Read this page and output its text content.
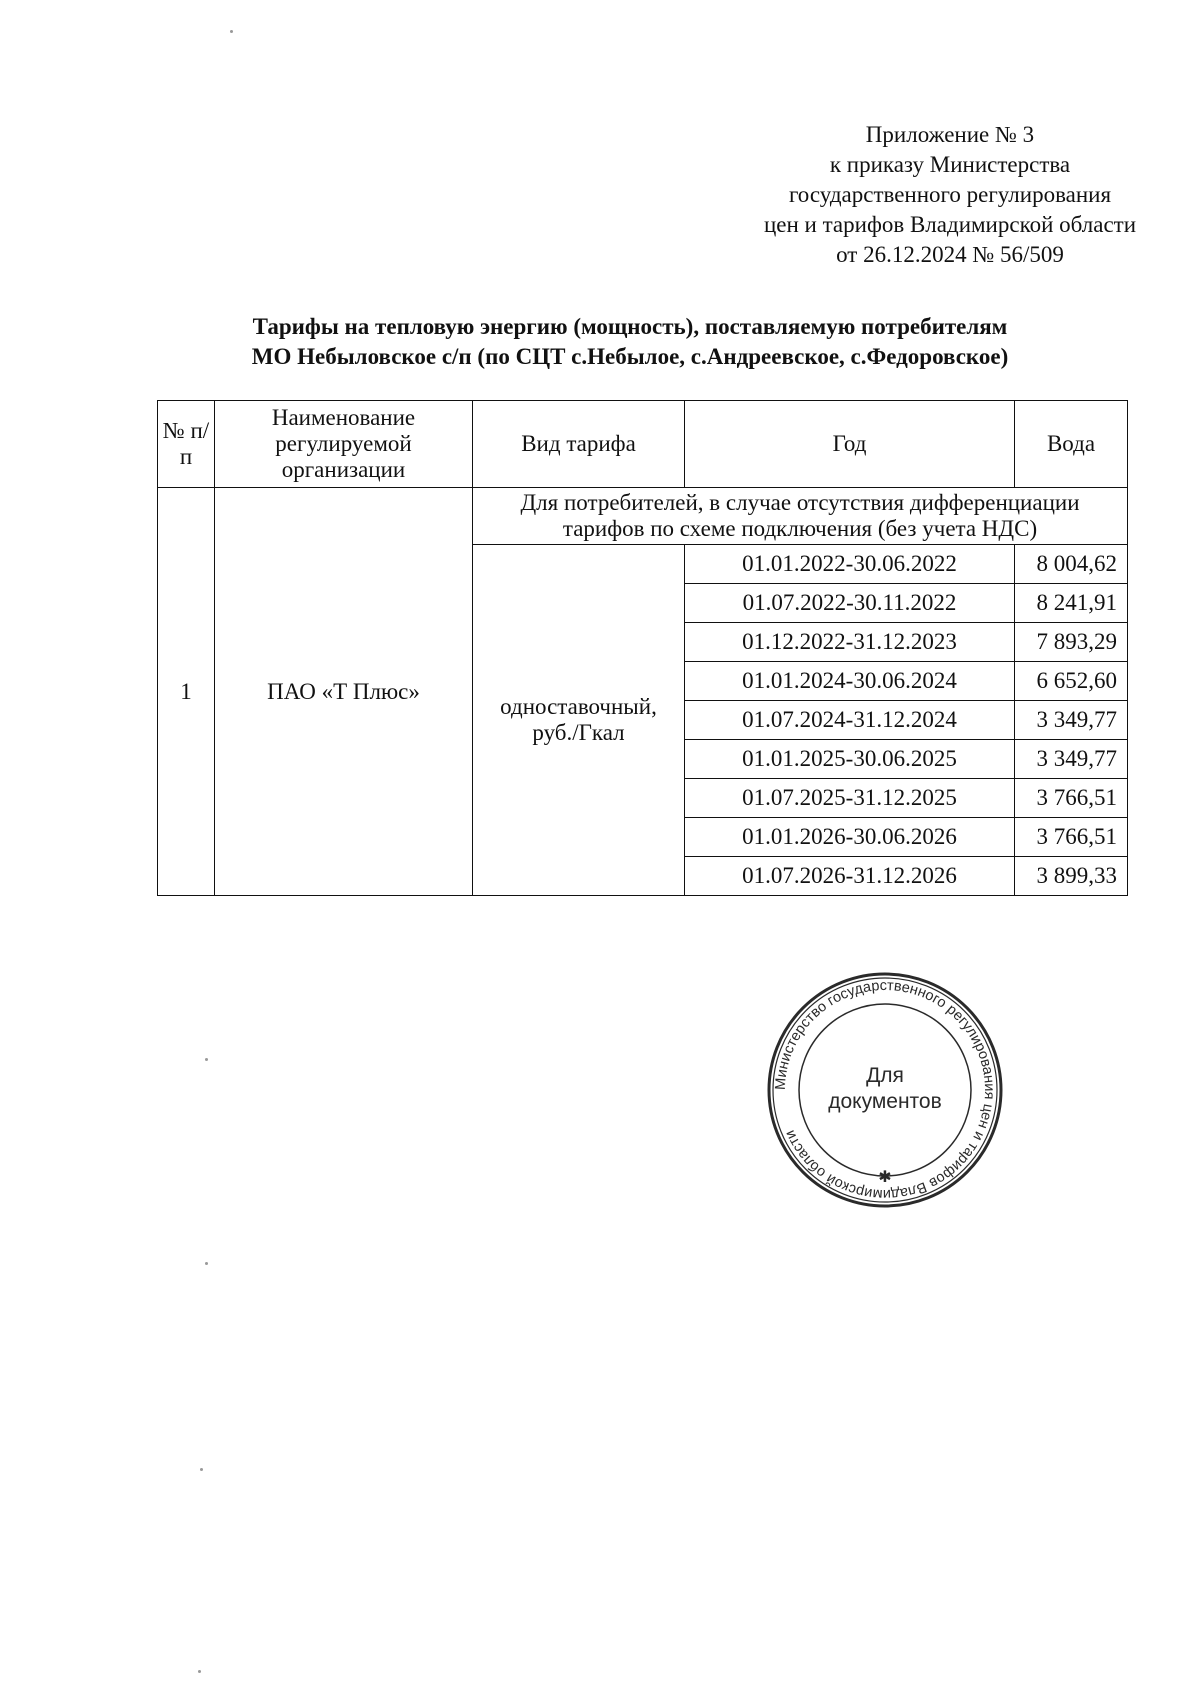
Приложение № 3
к приказу Министерства
государственного регулирования
цен и тарифов Владимирской области
от 26.12.2024 № 56/509
Тарифы на тепловую энергию (мощность), поставляемую потребителям
МО Небыловское с/п (по СЦТ с.Небылое, с.Андреевское, с.Федоровское)
№ п/п	Наименование регулируемой организации	Вид тарифа	Год	Вода
1	ПАО «Т Плюс»	Для потребителей, в случае отсутствия дифференциации тарифов по схеме подключения (без учета НДС)		
		одноставочный, руб./Гкал	01.01.2022-30.06.2022	8 004,62
			01.07.2022-30.11.2022	8 241,91
			01.12.2022-31.12.2023	7 893,29
			01.01.2024-30.06.2024	6 652,60
			01.07.2024-31.12.2024	3 349,77
			01.01.2025-30.06.2025	3 349,77
			01.07.2025-31.12.2025	3 766,51
			01.01.2026-30.06.2026	3 766,51
			01.07.2026-31.12.2026	3 899,33
Министерство государственного регулирования цен и тарифов Владимирской области
✱
Для
документов
